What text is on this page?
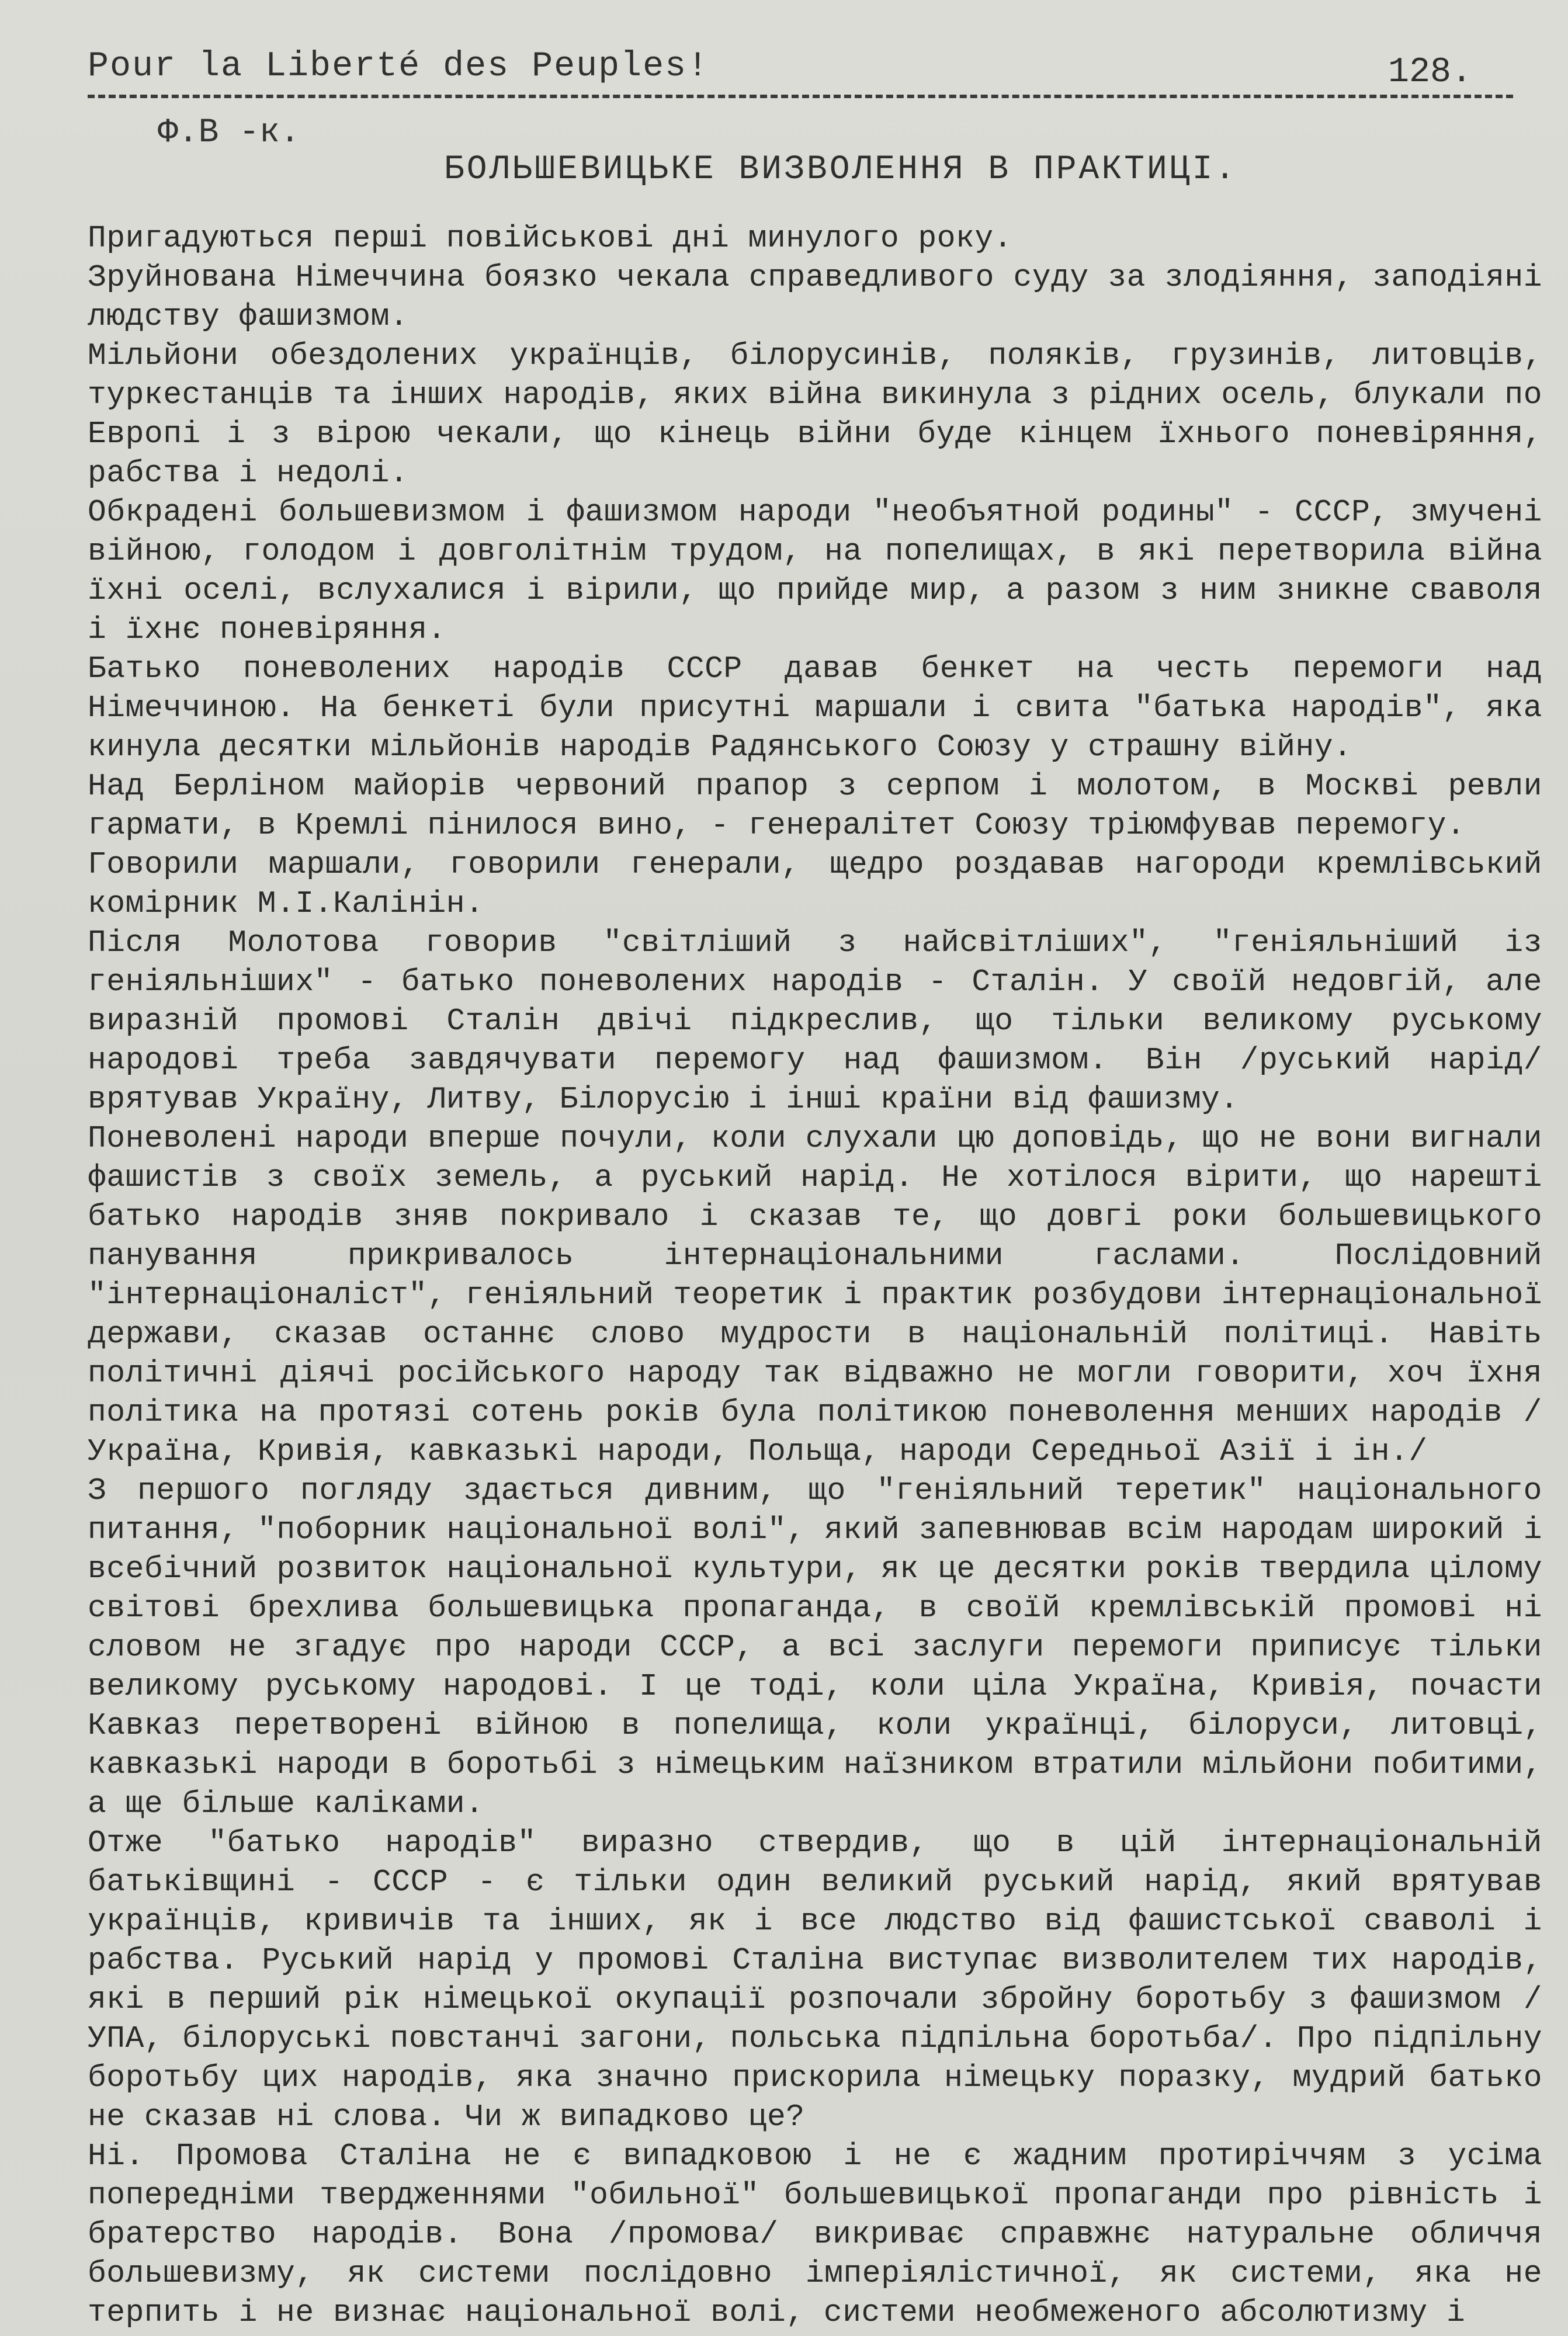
Pour la Liberté des Peuples!	128.
Ф.В -к.
БОЛЬШЕВИЦЬКЕ ВИЗВОЛЕННЯ В ПРАКТИЦІ.

Пригадуються перші повійськові дні минулого року.

Зруйнована Німеччина боязко чекала справедливого суду за злодіяння, заподіяні людству фашизмом.

Мільйони обездолених українців, білорусинів, поляків, грузинів, литовців, туркестанців та інших народів, яких війна викинула з рідних осель, блукали по Европі і з вірою чекали, що кінець війни буде кінцем їхнього поневіряння, рабства і недолі.

Обкрадені большевизмом і фашизмом народи "необъятной родины" - СССР, змучені війною, голодом і довголітнім трудом, на попелищах, в які перетворила війна їхні оселі, вслухалися і вірили, що прийде мир, а разом з ним зникне сваволя і їхнє поневіряння.

Батько поневолених народів СССР давав бенкет на честь перемоги над Німеччиною. На бенкеті були присутні маршали і свита "батька народів", яка кинула десятки мільйонів народів Радянського Союзу у страшну війну.

Над Берліном майорів червоний прапор з серпом і молотом, в Москві ревли гармати, в Кремлі пінилося вино, - генералітет Союзу тріюмфував перемогу.

Говорили маршали, говорили генерали, щедро роздавав нагороди кремлівський комірник М.І.Калінін.

Після Молотова говорив "світліший з найсвітліших", "геніяльніший із геніяльніших" - батько поневолених народів - Сталін. У своїй недовгій, але виразній промові Сталін двічі підкреслив, що тільки великому руському народові треба завдячувати перемогу над фашизмом. Він /руський нарід/ врятував Україну, Литву, Білорусію і інші країни від фашизму.

Поневолені народи вперше почули, коли слухали цю доповідь, що не вони вигнали фашистів з своїх земель, а руський нарід. Не хотілося вірити, що нарешті батько народів зняв покривало і сказав те, що довгі роки большевицького панування прикривалось інтернаціональними гаслами. Послідовний "інтернаціоналіст", геніяльний теоретик і практик розбудови інтернаціональної держави, сказав останнє слово мудрости в національній політиці. Навіть політичні діячі російського народу так відважно не могли говорити, хоч їхня політика на протязі сотень років була політикою поневолення менших народів /Україна, Кривія, кавказькі народи, Польща, народи Середньої Азії і ін./

З першого погляду здається дивним, що "геніяльний теретик" національного питання, "поборник національної волі", який запевнював всім народам широкий і всебічний розвиток національної культури, як це десятки років твердила цілому світові брехлива большевицька пропаганда, в своїй кремлівській промові ні словом не згадує про народи СССР, а всі заслуги перемоги приписує тільки великому руському народові. І це тоді, коли ціла Україна, Кривія, почасти Кавказ перетворені війною в попелища, коли українці, білоруси, литовці, кавказькі народи в боротьбі з німецьким наїзником втратили мільйони побитими, а ще більше каліками.

Отже "батько народів" виразно ствердив, що в цій інтернаціональній батьківщині - СССР - є тільки один великий руський нарід, який врятував українців, кривичів та інших, як і все людство від фашистської сваволі і рабства. Руський нарід у промові Сталіна виступає визволителем тих народів, які в перший рік німецької окупації розпочали збройну боротьбу з фашизмом /УПА, білоруські повстанчі загони, польська підпільна боротьба/. Про підпільну боротьбу цих народів, яка значно прискорила німецьку поразку, мудрий батько не сказав ні слова. Чи ж випадково це?

Ні. Промова Сталіна не є випадковою і не є жадним протиріччям з усіма попередніми твердженнями "обильної" большевицької пропаганди про рівність і братерство народів. Вона /промова/ викриває справжнє натуральне обличчя большевизму, як системи послідовно імперіялістичної, як системи, яка не терпить і не визнає національної волі, системи необмеженого абсолютизму і
